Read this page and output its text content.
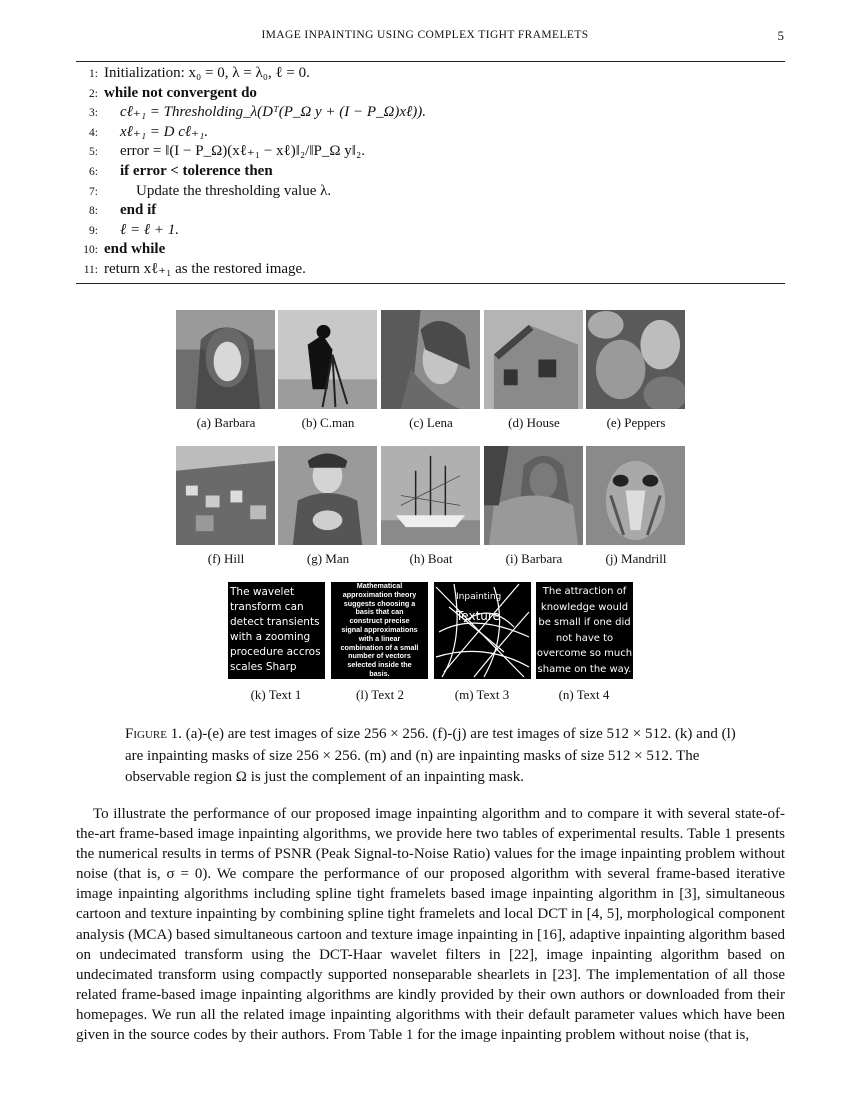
IMAGE INPAINTING USING COMPLEX TIGHT FRAMELETS	5
1: Initialization: x₀ = 0, λ = λ₀, ℓ = 0.
2: while not convergent do
3: cℓ₊₁ = Thresholding_λ(Dᵀ(P_Ω y + (I − P_Ω)xℓ)).
4: xℓ₊₁ = D cℓ₊₁.
5: error = ‖(I − P_Ω)(xℓ₊₁ − xℓ)‖₂/‖P_Ω y‖₂.
6: if error < tolerence then
7:	Update the thresholding value λ.
8: end if
9: ℓ = ℓ + 1.
10: end while
11: return xℓ₊₁ as the restored image.
(a) Barbara	(b) C.man	(c) Lena	(d) House	(e) Peppers
(f) Hill	(g) Man	(h) Boat	(i) Barbara	(j) Mandrill
The wavelet
transform can
detect transients
with a zooming
procedure accros
scales Sharp
Mathematical
approximation theory
suggests choosing a
basis that can
construct precise
signal approximations
with a linear
combination of a small
number of vectors
selected inside the
basis.
Inpainting
Texture
The attraction of
knowledge would
be small if one did
not have to
overcome so much
shame on the way.
(k) Text 1	(l) Text 2	(m) Text 3	(n) Text 4
Figure 1. (a)-(e) are test images of size 256 × 256. (f)-(j) are test images of size 512 × 512. (k) and (l) are inpainting masks of size 256 × 256. (m) and (n) are inpainting masks of size 512 × 512. The observable region Ω is just the complement of an inpainting mask.
To illustrate the performance of our proposed image inpainting algorithm and to compare it with several state-of-the-art frame-based image inpainting algorithms, we provide here two tables of experimental results. Table 1 presents the numerical results in terms of PSNR (Peak Signal-to-Noise Ratio) values for the image inpainting problem without noise (that is, σ = 0). We compare the performance of our proposed algorithm with several frame-based iterative image inpainting algorithms including spline tight framelets based image inpainting algorithm in [3], simultaneous cartoon and texture inpainting by combining spline tight framelets and local DCT in [4, 5], morphological component analysis (MCA) based simultaneous cartoon and texture image inpainting in [16], adaptive inpainting algorithm based on undecimated transform using the DCT-Haar wavelet filters in [22], image inpainting algorithm based on undecimated transform using compactly supported nonseparable shearlets in [23]. The implementation of all those related frame-based image inpainting algorithms are kindly provided by their own authors or downloaded from their homepages. We run all the related image inpainting algorithms with their default parameter values which have been given in the source codes by their authors. From Table 1 for the image inpainting problem without noise (that is,
